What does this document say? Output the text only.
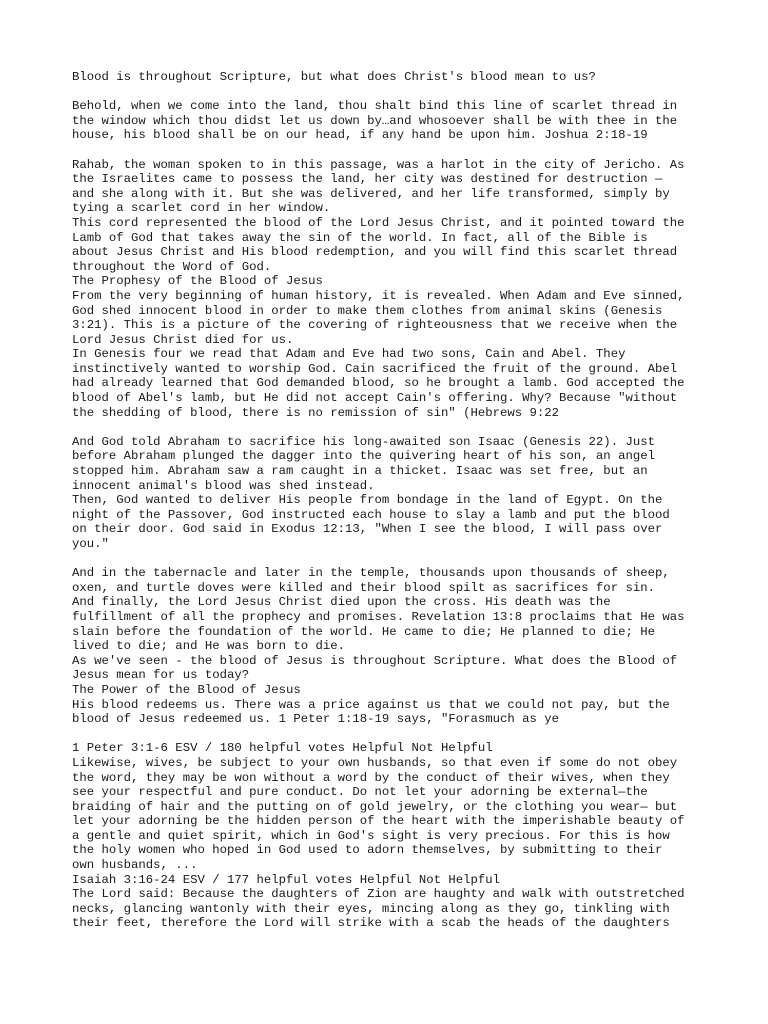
Blood is throughout Scripture, but what does Christ's blood mean to us?
Behold, when we come into the land, thou shalt bind this line of scarlet thread in
the window which thou didst let us down by…and whosoever shall be with thee in the
house, his blood shall be on our head, if any hand be upon him. Joshua 2:18-19
Rahab, the woman spoken to in this passage, was a harlot in the city of Jericho. As
the Israelites came to possess the land, her city was destined for destruction —
and she along with it. But she was delivered, and her life transformed, simply by
tying a scarlet cord in her window.
This cord represented the blood of the Lord Jesus Christ, and it pointed toward the
Lamb of God that takes away the sin of the world. In fact, all of the Bible is
about Jesus Christ and His blood redemption, and you will find this scarlet thread
throughout the Word of God.
The Prophesy of the Blood of Jesus
From the very beginning of human history, it is revealed. When Adam and Eve sinned,
God shed innocent blood in order to make them clothes from animal skins (Genesis
3:21). This is a picture of the covering of righteousness that we receive when the
Lord Jesus Christ died for us.
In Genesis four we read that Adam and Eve had two sons, Cain and Abel. They
instinctively wanted to worship God. Cain sacrificed the fruit of the ground. Abel
had already learned that God demanded blood, so he brought a lamb. God accepted the
blood of Abel's lamb, but He did not accept Cain's offering. Why? Because "without
the shedding of blood, there is no remission of sin" (Hebrews 9:22
And God told Abraham to sacrifice his long-awaited son Isaac (Genesis 22). Just
before Abraham plunged the dagger into the quivering heart of his son, an angel
stopped him. Abraham saw a ram caught in a thicket. Isaac was set free, but an
innocent animal's blood was shed instead.
Then, God wanted to deliver His people from bondage in the land of Egypt. On the
night of the Passover, God instructed each house to slay a lamb and put the blood
on their door. God said in Exodus 12:13, "When I see the blood, I will pass over
you."
And in the tabernacle and later in the temple, thousands upon thousands of sheep,
oxen, and turtle doves were killed and their blood spilt as sacrifices for sin.
And finally, the Lord Jesus Christ died upon the cross. His death was the
fulfillment of all the prophecy and promises. Revelation 13:8 proclaims that He was
slain before the foundation of the world. He came to die; He planned to die; He
lived to die; and He was born to die.
As we've seen - the blood of Jesus is throughout Scripture. What does the Blood of
Jesus mean for us today?
The Power of the Blood of Jesus
His blood redeems us. There was a price against us that we could not pay, but the
blood of Jesus redeemed us. 1 Peter 1:18-19 says, "Forasmuch as ye
1 Peter 3:1-6 ESV / 180 helpful votes Helpful Not Helpful
Likewise, wives, be subject to your own husbands, so that even if some do not obey
the word, they may be won without a word by the conduct of their wives, when they
see your respectful and pure conduct. Do not let your adorning be external—the
braiding of hair and the putting on of gold jewelry, or the clothing you wear— but
let your adorning be the hidden person of the heart with the imperishable beauty of
a gentle and quiet spirit, which in God's sight is very precious. For this is how
the holy women who hoped in God used to adorn themselves, by submitting to their
own husbands, ...
Isaiah 3:16-24 ESV / 177 helpful votes Helpful Not Helpful
The Lord said: Because the daughters of Zion are haughty and walk with outstretched
necks, glancing wantonly with their eyes, mincing along as they go, tinkling with
their feet, therefore the Lord will strike with a scab the heads of the daughters
